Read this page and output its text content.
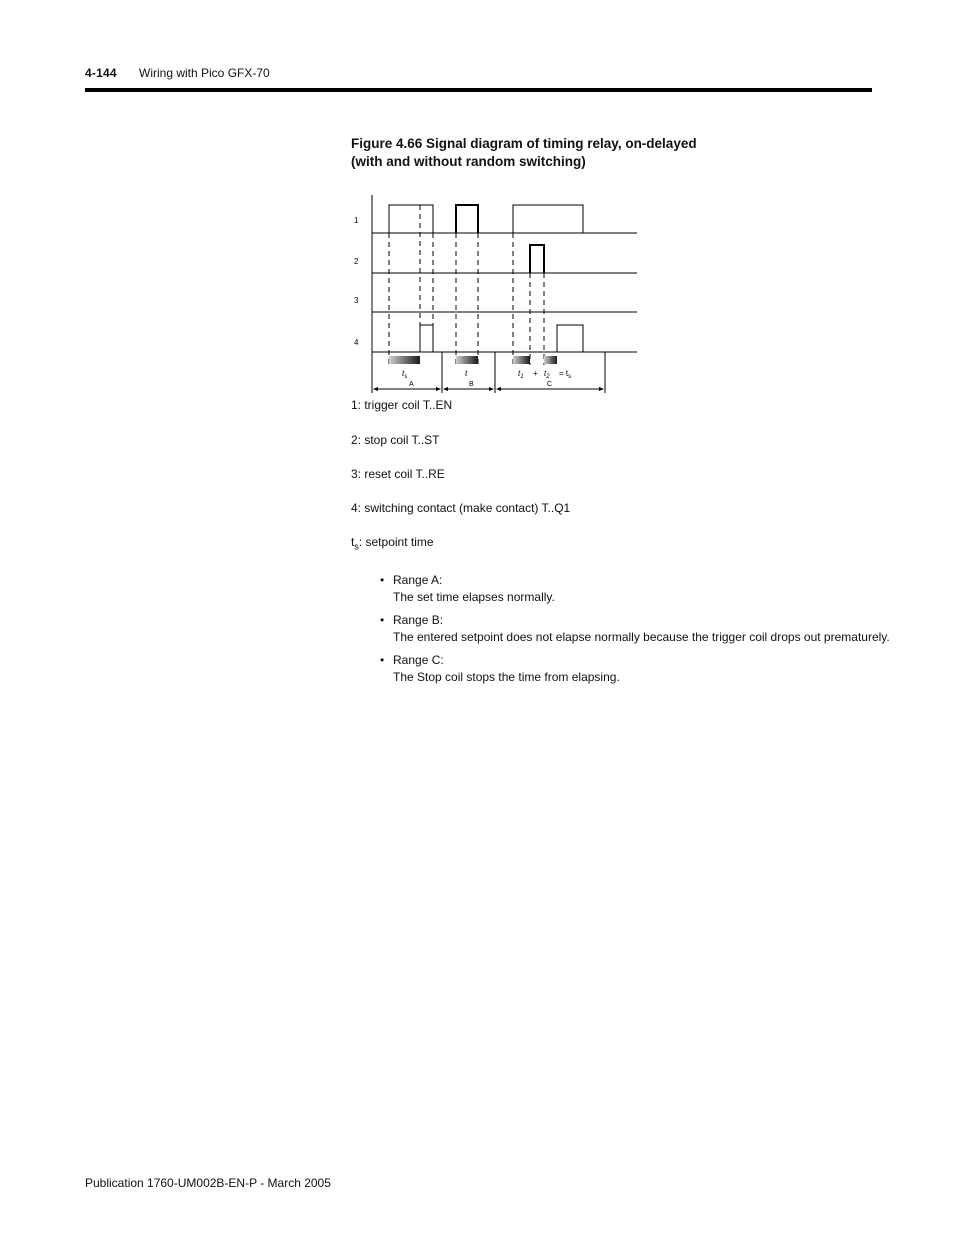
4-144 Wiring with Pico GFX-70
Figure 4.66 Signal diagram of timing relay, on-delayed
(with and without random switching)
1
2
3
4
$t_s$	t	$t_1 + t_2 = t_s$
A	B	C
1: trigger coil T..EN
2: stop coil T..ST
3: reset coil T..RE
4: switching contact (make contact) T..Q1
$t_s$: setpoint time
• Range A:
The set time elapses normally.
• Range B:
The entered setpoint does not elapse normally because the trigger coil drops out prematurely.
• Range C:
The Stop coil stops the time from elapsing.
Publication 1760-UM002B-EN-P - March 2005
